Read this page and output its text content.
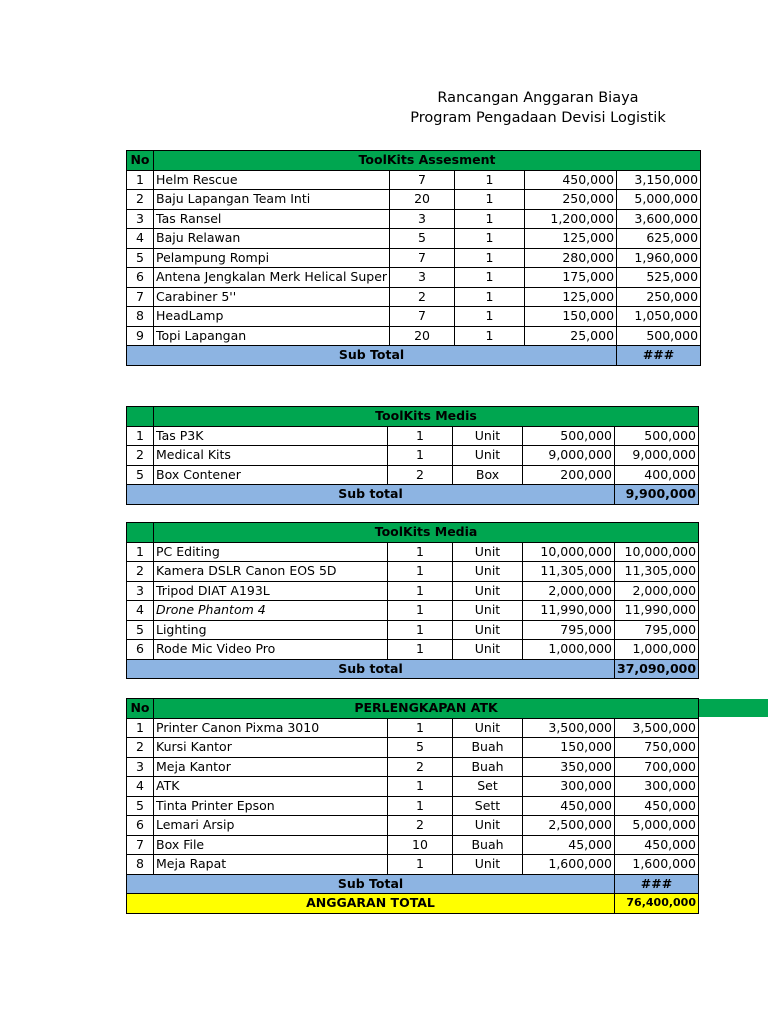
Rancangan Anggaran Biaya
Program Pengadaan Devisi Logistik
No	ToolKits Assesment				
1	Helm Rescue	7	1	450,000	3,150,000
2	Baju Lapangan Team Inti	20	1	250,000	5,000,000
3	Tas Ransel	3	1	1,200,000	3,600,000
4	Baju Relawan	5	1	125,000	625,000
5	Pelampung Rompi	7	1	280,000	1,960,000
6	Antena Jengkalan Merk Helical Super	3	1	175,000	525,000
7	Carabiner 5''	2	1	125,000	250,000
8	HeadLamp	7	1	150,000	1,050,000
9	Topi Lapangan	20	1	25,000	500,000
Sub Total					###
	ToolKits Medis				
1	Tas P3K	1	Unit	500,000	500,000
2	Medical Kits	1	Unit	9,000,000	9,000,000
5	Box Contener	2	Box	200,000	400,000
Sub total					9,900,000
	ToolKits Media				
1	PC Editing	1	Unit	10,000,000	10,000,000
2	Kamera DSLR Canon EOS 5D	1	Unit	11,305,000	11,305,000
3	Tripod DIAT A193L	1	Unit	2,000,000	2,000,000
4	Drone Phantom 4	1	Unit	11,990,000	11,990,000
5	Lighting	1	Unit	795,000	795,000
6	Rode Mic Video Pro	1	Unit	1,000,000	1,000,000
Sub total					37,090,000
No	PERLENGKAPAN ATK				
1	Printer Canon Pixma 3010	1	Unit	3,500,000	3,500,000
2	Kursi Kantor	5	Buah	150,000	750,000
3	Meja Kantor	2	Buah	350,000	700,000
4	ATK	1	Set	300,000	300,000
5	Tinta Printer Epson	1	Sett	450,000	450,000
6	Lemari Arsip	2	Unit	2,500,000	5,000,000
7	Box File	10	Buah	45,000	450,000
8	Meja Rapat	1	Unit	1,600,000	1,600,000
Sub Total					###
ANGGARAN TOTAL					76,400,000
